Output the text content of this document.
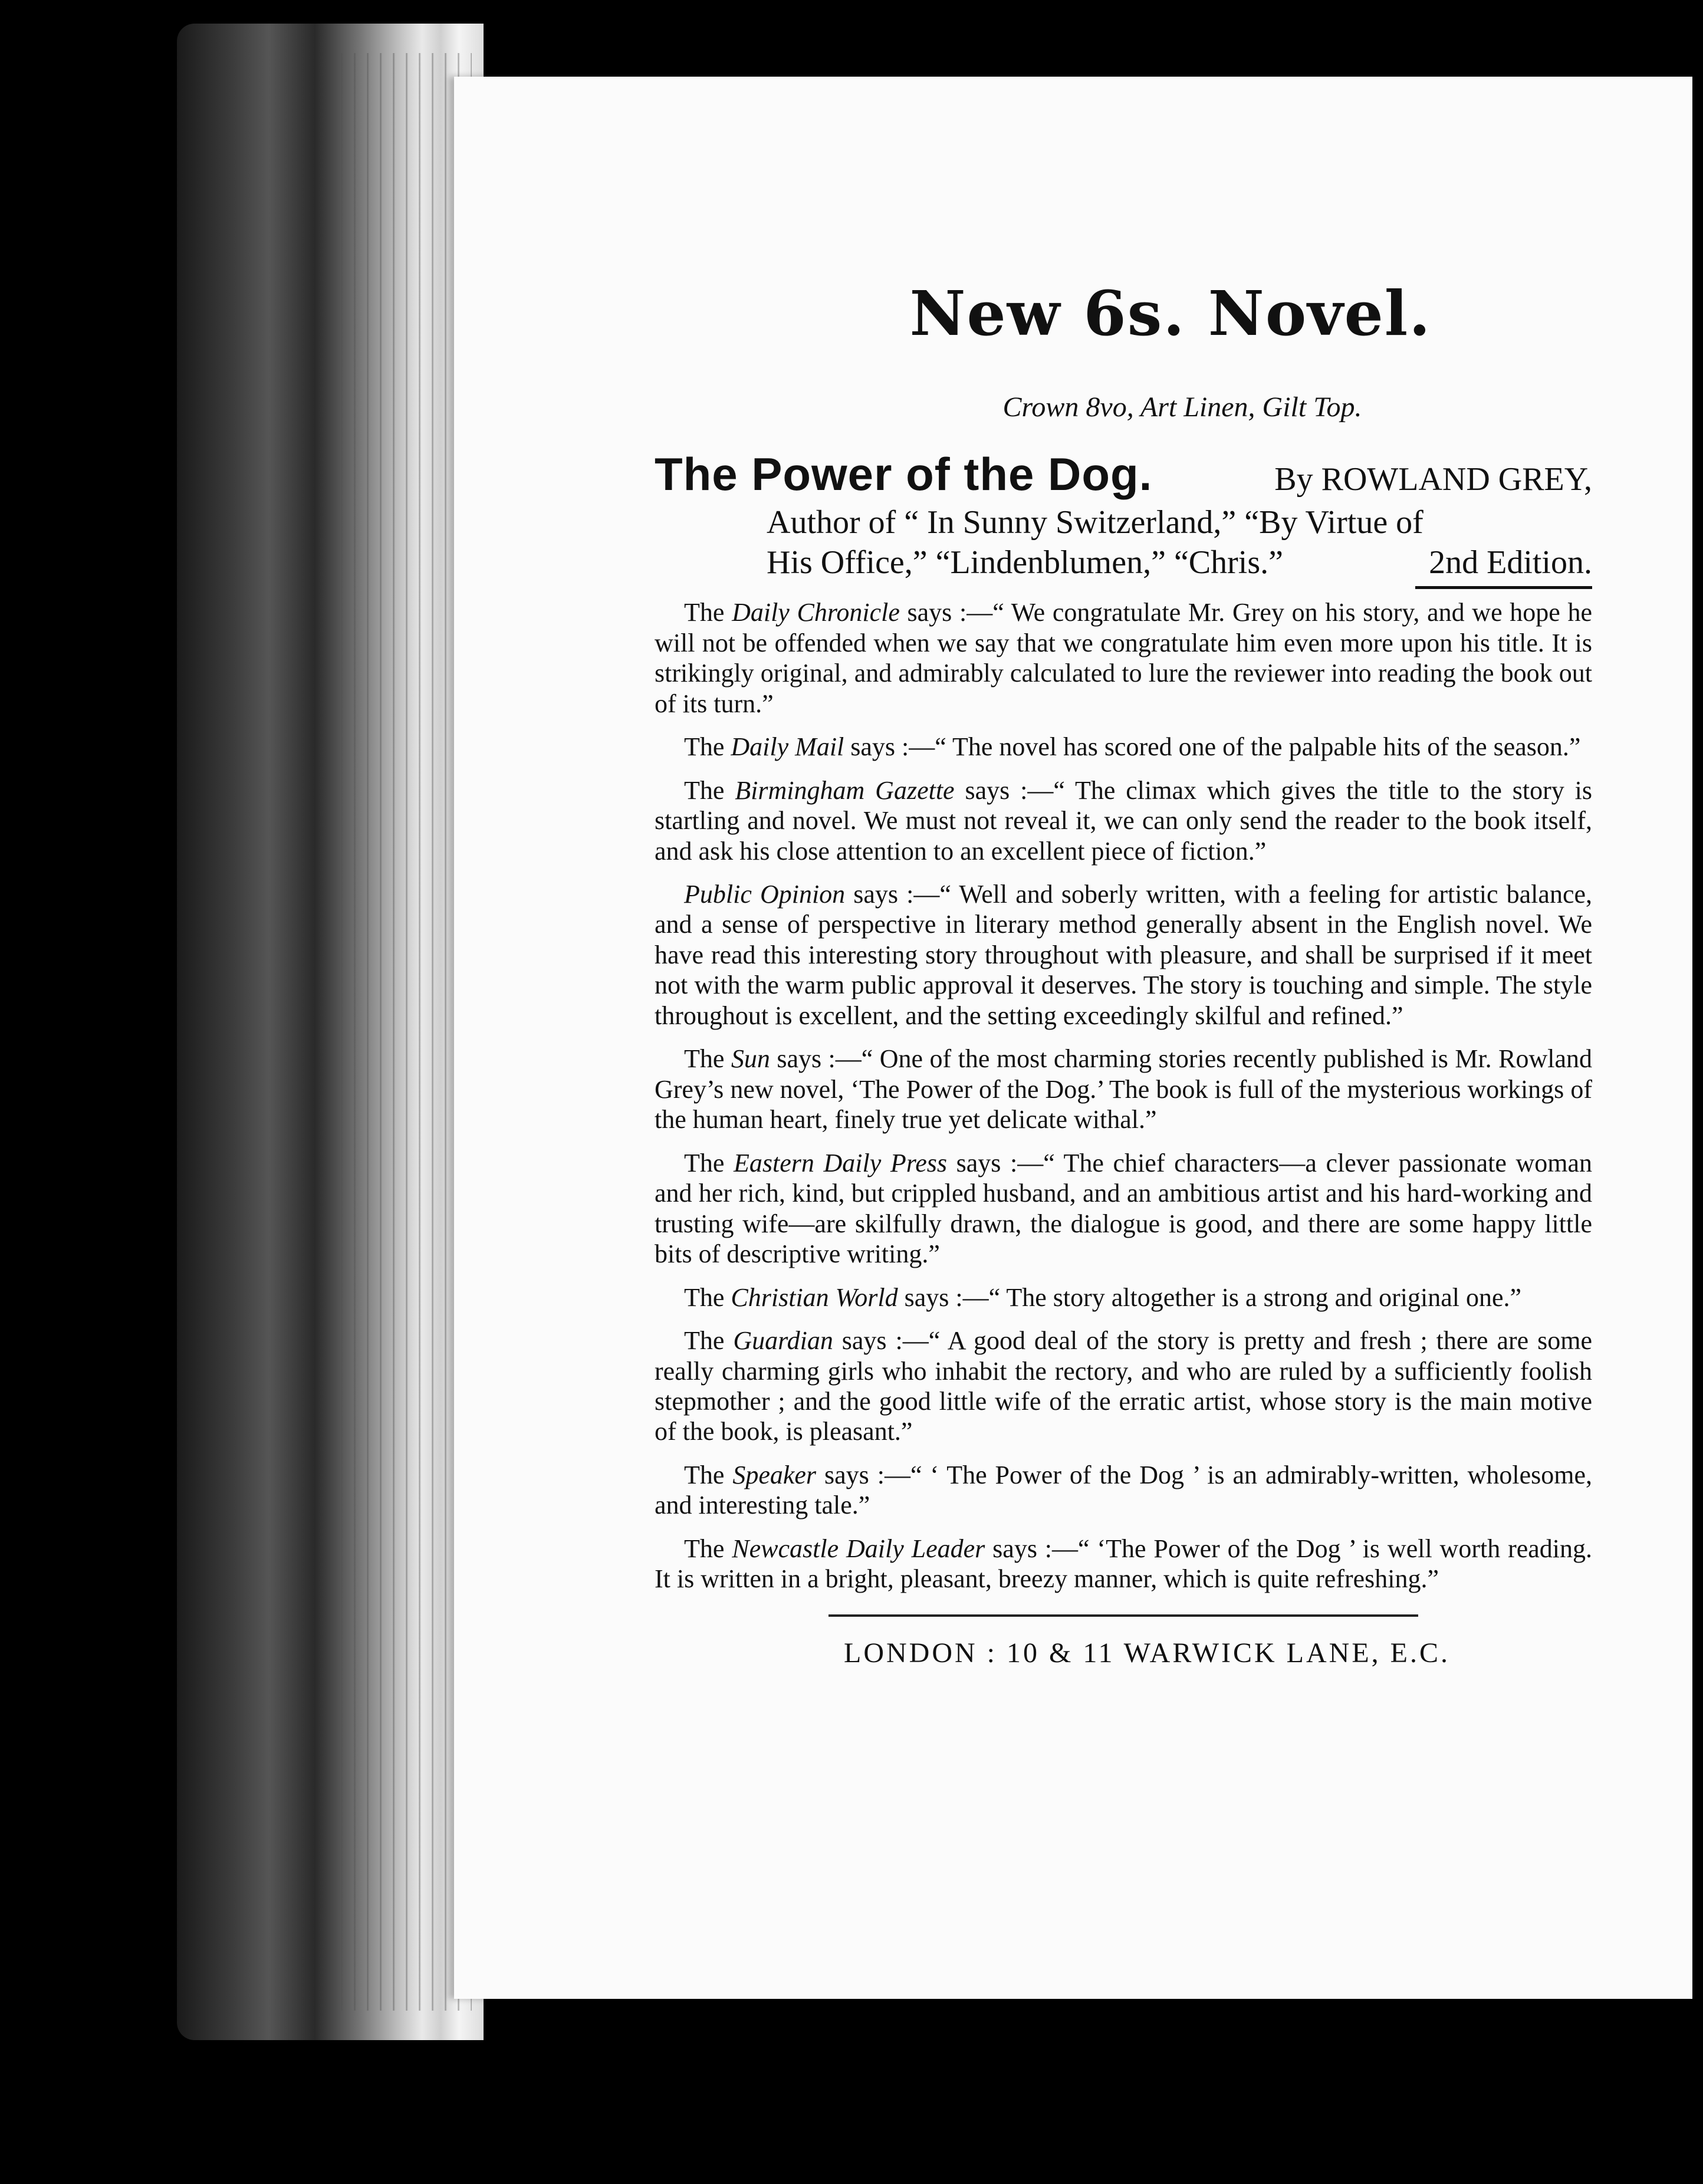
New 6s. Novel.
Crown 8vo, Art Linen, Gilt Top.
The Power of the Dog.	By ROWLAND GREY,
Author of “ In Sunny Switzerland,” “By Virtue of
His Office,” “Lindenblumen,” “Chris.”	2nd Edition.

The Daily Chronicle says :—“ We congratulate Mr. Grey on his story, and we hope he will not be offended when we say that we congratulate him even more upon his title. It is strikingly original, and admirably calculated to lure the reviewer into reading the book out of its turn.”

The Daily Mail says :—“ The novel has scored one of the palpable hits of the season.”

The Birmingham Gazette says :—“ The climax which gives the title to the story is startling and novel. We must not reveal it, we can only send the reader to the book itself, and ask his close attention to an excellent piece of fiction.”

Public Opinion says :—“ Well and soberly written, with a feeling for artistic balance, and a sense of perspective in literary method generally absent in the English novel. We have read this interesting story throughout with pleasure, and shall be surprised if it meet not with the warm public approval it deserves. The story is touching and simple. The style throughout is excellent, and the setting exceedingly skilful and refined.”

The Sun says :—“ One of the most charming stories recently published is Mr. Rowland Grey’s new novel, ‘The Power of the Dog.’ The book is full of the mysterious workings of the human heart, finely true yet delicate withal.”

The Eastern Daily Press says :—“ The chief characters—a clever passionate woman and her rich, kind, but crippled husband, and an ambitious artist and his hard-working and trusting wife—are skilfully drawn, the dialogue is good, and there are some happy little bits of descriptive writing.”

The Christian World says :—“ The story altogether is a strong and original one.”

The Guardian says :—“ A good deal of the story is pretty and fresh ; there are some really charming girls who inhabit the rectory, and who are ruled by a sufficiently foolish stepmother ; and the good little wife of the erratic artist, whose story is the main motive of the book, is pleasant.”

The Speaker says :—“ ‘ The Power of the Dog ’ is an admirably-written, wholesome, and interesting tale.”

The Newcastle Daily Leader says :—“ ‘The Power of the Dog ’ is well worth reading. It is written in a bright, pleasant, breezy manner, which is quite refreshing.”

LONDON : 10 & 11 WARWICK LANE, E.C.
